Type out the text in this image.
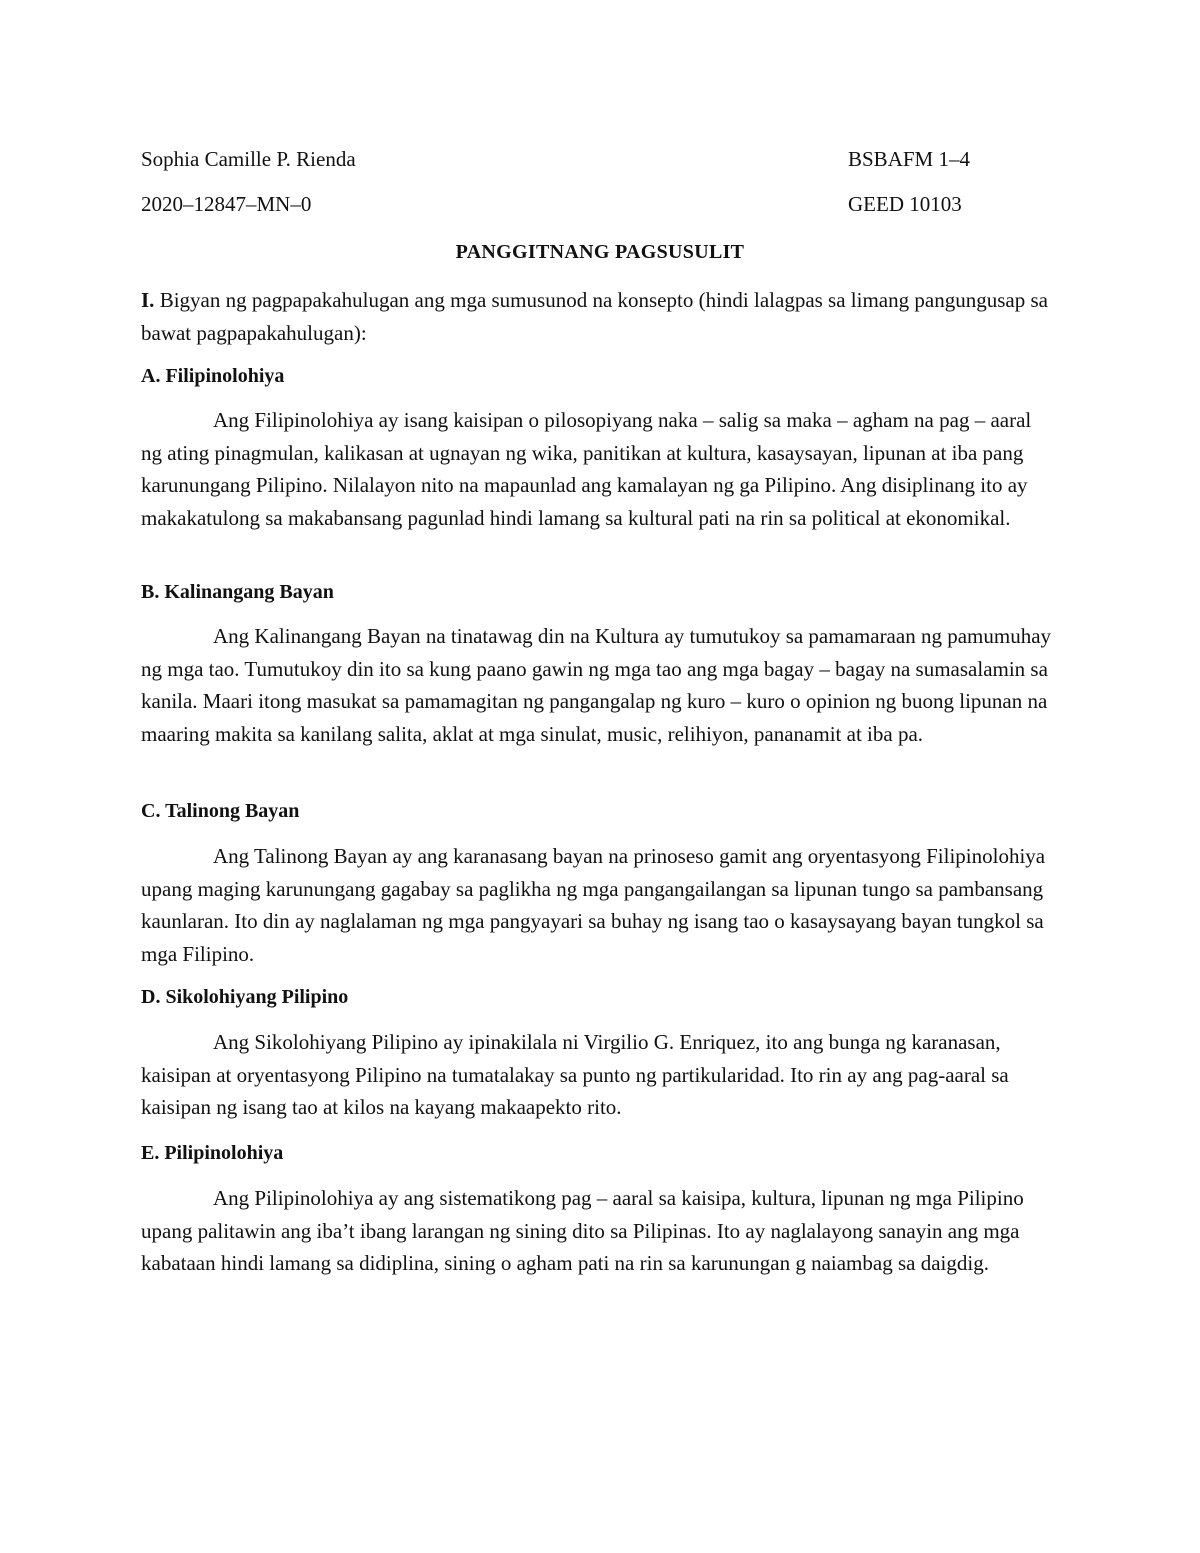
Sophia Camille P. Rienda	BSBAFM 1–4
2020–12847–MN–0	GEED 10103
PANGGITNANG PAGSUSULIT
I. Bigyan ng pagpapakahulugan ang mga sumusunod na konsepto (hindi lalagpas sa limang pangungusap sa bawat pagpapakahulugan):
A. Filipinolohiya
Ang Filipinolohiya ay isang kaisipan o pilosopiyang naka – salig sa maka – agham na pag – aaral ng ating pinagmulan, kalikasan at ugnayan ng wika, panitikan at kultura, kasaysayan, lipunan at iba pang karunungang Pilipino. Nilalayon nito na mapaunlad ang kamalayan ng ga Pilipino. Ang disiplinang ito ay makakatulong sa makabansang pagunlad hindi lamang sa kultural pati na rin sa political at ekonomikal.
B. Kalinangang Bayan
Ang Kalinangang Bayan na tinatawag din na Kultura ay tumutukoy sa pamamaraan ng pamumuhay ng mga tao. Tumutukoy din ito sa kung paano gawin ng mga tao ang mga bagay – bagay na sumasalamin sa kanila. Maari itong masukat sa pamamagitan ng pangangalap ng kuro – kuro o opinion ng buong lipunan na maaring makita sa kanilang salita, aklat at mga sinulat, music, relihiyon, pananamit at iba pa.
C. Talinong Bayan
Ang Talinong Bayan ay ang karanasang bayan na prinoseso gamit ang oryentasyong Filipinolohiya upang maging karunungang gagabay sa paglikha ng mga pangangailangan sa lipunan tungo sa pambansang kaunlaran. Ito din ay naglalaman ng mga pangyayari sa buhay ng isang tao o kasaysayang bayan tungkol sa mga Filipino.
D. Sikolohiyang Pilipino
Ang Sikolohiyang Pilipino ay ipinakilala ni Virgilio G. Enriquez, ito ang bunga ng karanasan, kaisipan at oryentasyong Pilipino na tumatalakay sa punto ng partikularidad. Ito rin ay ang pag-aaral sa kaisipan ng isang tao at kilos na kayang makaapekto rito.
E. Pilipinolohiya
Ang Pilipinolohiya ay ang sistematikong pag – aaral sa kaisipa, kultura, lipunan ng mga Pilipino upang palitawin ang iba’t ibang larangan ng sining dito sa Pilipinas. Ito ay naglalayong sanayin ang mga kabataan hindi lamang sa didiplina, sining o agham pati na rin sa karunungan g naiambag sa daigdig.
